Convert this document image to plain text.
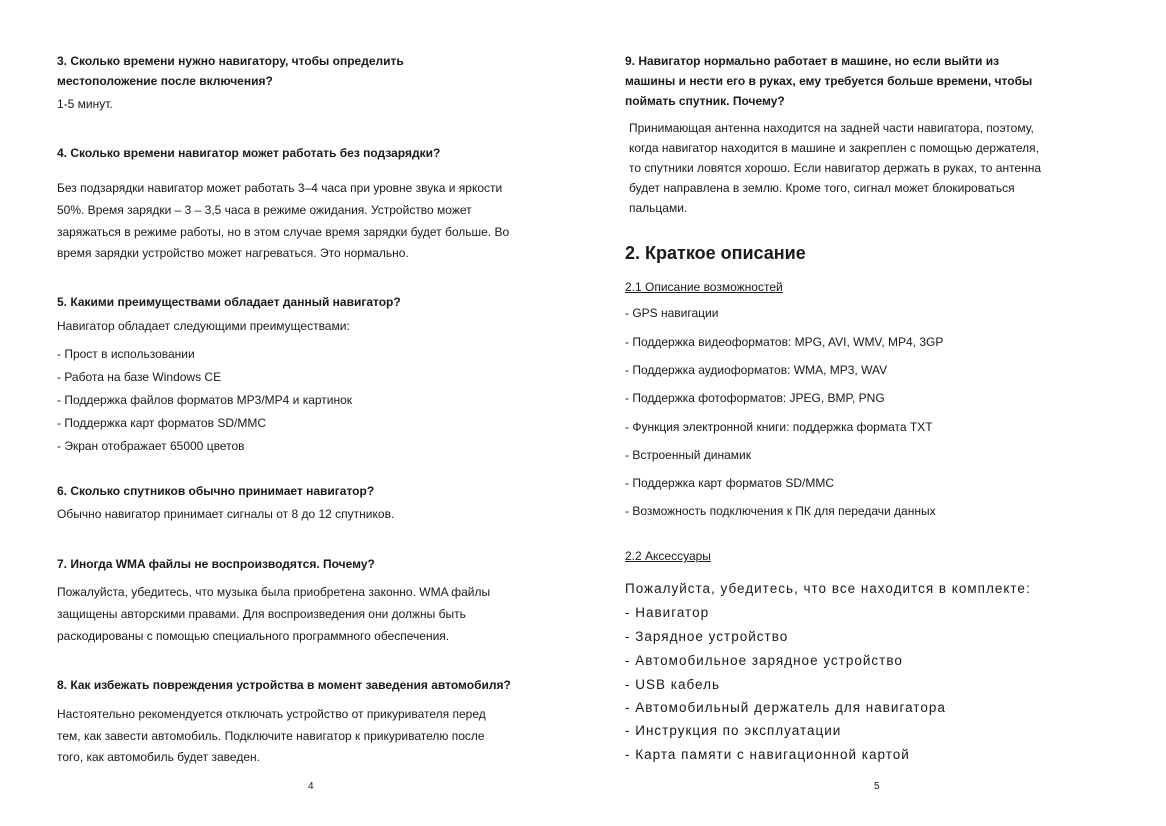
3. Сколько времени нужно навигатору, чтобы определить
местоположение после включения?
1-5 минут.
4. Сколько времени навигатор может работать без подзарядки?
Без подзарядки навигатор может работать 3–4 часа при уровне звука и яркости
50%. Время зарядки – 3 – 3,5 часа в режиме ожидания. Устройство может
заряжаться в режиме работы, но в этом случае время зарядки будет больше. Во
время зарядки устройство может нагреваться. Это нормально.
5. Какими преимуществами обладает данный навигатор?
Навигатор обладает следующими преимуществами:
- Прост в использовании
- Работа на базе Windows CE
- Поддержка файлов форматов MP3/MP4 и картинок
- Поддержка карт форматов SD/MMC
- Экран отображает 65000 цветов
6. Сколько спутников обычно принимает навигатор?
Обычно навигатор принимает сигналы от 8 до 12 спутников.
7. Иногда WMA файлы не воспроизводятся. Почему?
Пожалуйста, убедитесь, что музыка была приобретена законно. WMA файлы
защищены авторскими правами. Для воспроизведения они должны быть
раскодированы с помощью специального программного обеспечения.
8. Как избежать повреждения устройства в момент заведения автомобиля?
Настоятельно рекомендуется отключать устройство от прикуривателя перед
тем, как завести автомобиль. Подключите навигатор к прикуривателю после
того, как автомобиль будет заведен.
4
9. Навигатор нормально работает в машине, но если выйти из
машины и нести его в руках, ему требуется больше времени, чтобы
поймать спутник. Почему?
Принимающая антенна находится на задней части навигатора, поэтому,
когда навигатор находится в машине и закреплен с помощью держателя,
то спутники ловятся хорошо. Если навигатор держать в руках, то антенна
будет направлена в землю. Кроме того, сигнал может блокироваться
пальцами.
2. Краткое описание
2.1 Описание возможностей
- GPS навигации
- Поддержка видеоформатов: MPG, AVI, WMV, MP4, 3GP
- Поддержка аудиоформатов: WMA, MP3, WAV
- Поддержка фотоформатов: JPEG, BMP, PNG
- Функция электронной книги: поддержка формата TXT
- Встроенный динамик
- Поддержка карт форматов SD/MMC
- Возможность подключения к ПК для передачи данных
2.2 Аксессуары
Пожалуйста, убедитесь, что все находится в комплекте:
- Навигатор
- Зарядное устройство
- Автомобильное зарядное устройство
- USB кабель
- Автомобильный держатель для навигатора
- Инструкция по эксплуатации
- Карта памяти с навигационной картой
5
